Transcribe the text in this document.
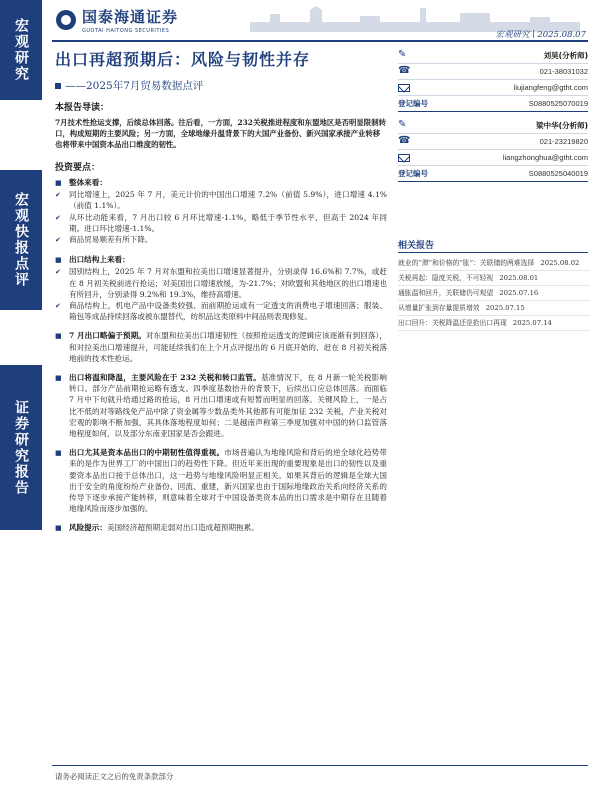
宏观研究
宏观快报点评
证券研究报告
国泰海通证券
GUOTAI HAITONG SECURITIES	宏观研究 ∣ 2025.08.07
出口再超预期后：风险与韧性并存
——2025年7月贸易数据点评
✎
刘昊(分析师)
☎
021-38031032
liujiangfeng@gtht.com
登记编号	S0880525070019
✎
梁中华(分析师)
☎
021-23219820
liangzhonghua@gtht.com
登记编号	S0880525040019
相关报告
就业的“滞”和价格的“胀”：关联储的两难选择 2025.08.02
关税再起：隐度关税，不可轻视 2025.08.01
通胀温和回升，关联储仍可观望 2025.07.16
从增量扩张到存量提质增效 2025.07.15
出口回升：关税降温还是抢出口再现 2025.07.14
本报告导读：
7月技术性抢运支撑，后续总体回落。往后看，一方面，232关税推进程度和东盟地区是否明显限制转口，构成短期的主要风险；另一方面，全球地缘升温背景下的大国产业备份、新兴国家承接产业转移也将带来中国资本品出口维度的韧性。
投资要点：
■
整体来看：
✔
同比增速上，2025 年 7 月，美元计价的中国出口增速 7.2%（前值 5.9%），进口增速 4.1%（前值 1.1%）。
✔
从环比动能来看，7 月出口较 6 月环比增速-1.1%，略低于季节性水平，但高于 2024 年同期。进口环比增速-1.1%。
✔
商品贸易顺差有所下降。
■
出口结构上来看：
✔
国别结构上，2025 年 7 月对东盟和拉美出口增速显著提升，分别录得 16.6%和 7.7%，或赶在 8 月初关税前进行抢运；对美国出口增速放缓，为-21.7%；对欧盟和其他地区的出口增速也有所回升，分别录得 9.2%和 19.3%，维持高增速。
✔
商品结构上，机电产品中设备类较强、而前期抢运或有一定透支的消费电子增速回落；服装、箱包等成品持续回落或被东盟替代，纺织品这类原料中间品则表现修复。
■
7 月出口略偏于预期。对东盟和拉美出口增速韧性（按照抢运透支的逻辑应该逐渐有到回落），和对拉美出口增速提升，可能延续我们在上个月点评提出的 6 月底开始的、赶在 8 月初关税落地前的技术性抢运。
■
出口将温和降温，主要风险在于 232 关税和转口监管。基准情况下，在 8 月新一轮关税影响转口、部分产品前期抢运略有透支、四季度基数抬升的背景下，后续出口应总体回落。而面临 7 月中下旬就升给通过路的抢运，8 月出口增速或有短暂而明显的回落。关键风险上，一是占比不低的对等路线免产品中除了资金属等少数品类外其他都有可能加征 232 关税，产业关税对宏观的影响不断加强，其具体落地程度如何；二是越南声称第三季度加强对中国的转口监管落地程度如何，以及部分东南亚国家是否会跟进。
■
出口尤其是资本品出口的中期韧性值得重视。市场普遍认为地缘风险和背后的逆全球化趋势带来的是作为世界工厂的中国出口的趋势性下降。但近年来出现的重要现象是出口的韧性以及重要资本品出口接于总体出口，这一趋势与地缘风险明显正相关。如果其背后的逻辑是全球大国出于安全的角度纷纷产业备份、回流、重建，新兴国家也由于国际地缘政治关系向经济关系的传导下逐步承接产能转移，则意味着全球对于中国设备类资本品的出口需求是中期存在且随着地缘风险而逐步加强的。
■
风险提示：美国经济超预期走弱对出口造成超预期拖累。
请务必阅读正文之后的免责条款部分
